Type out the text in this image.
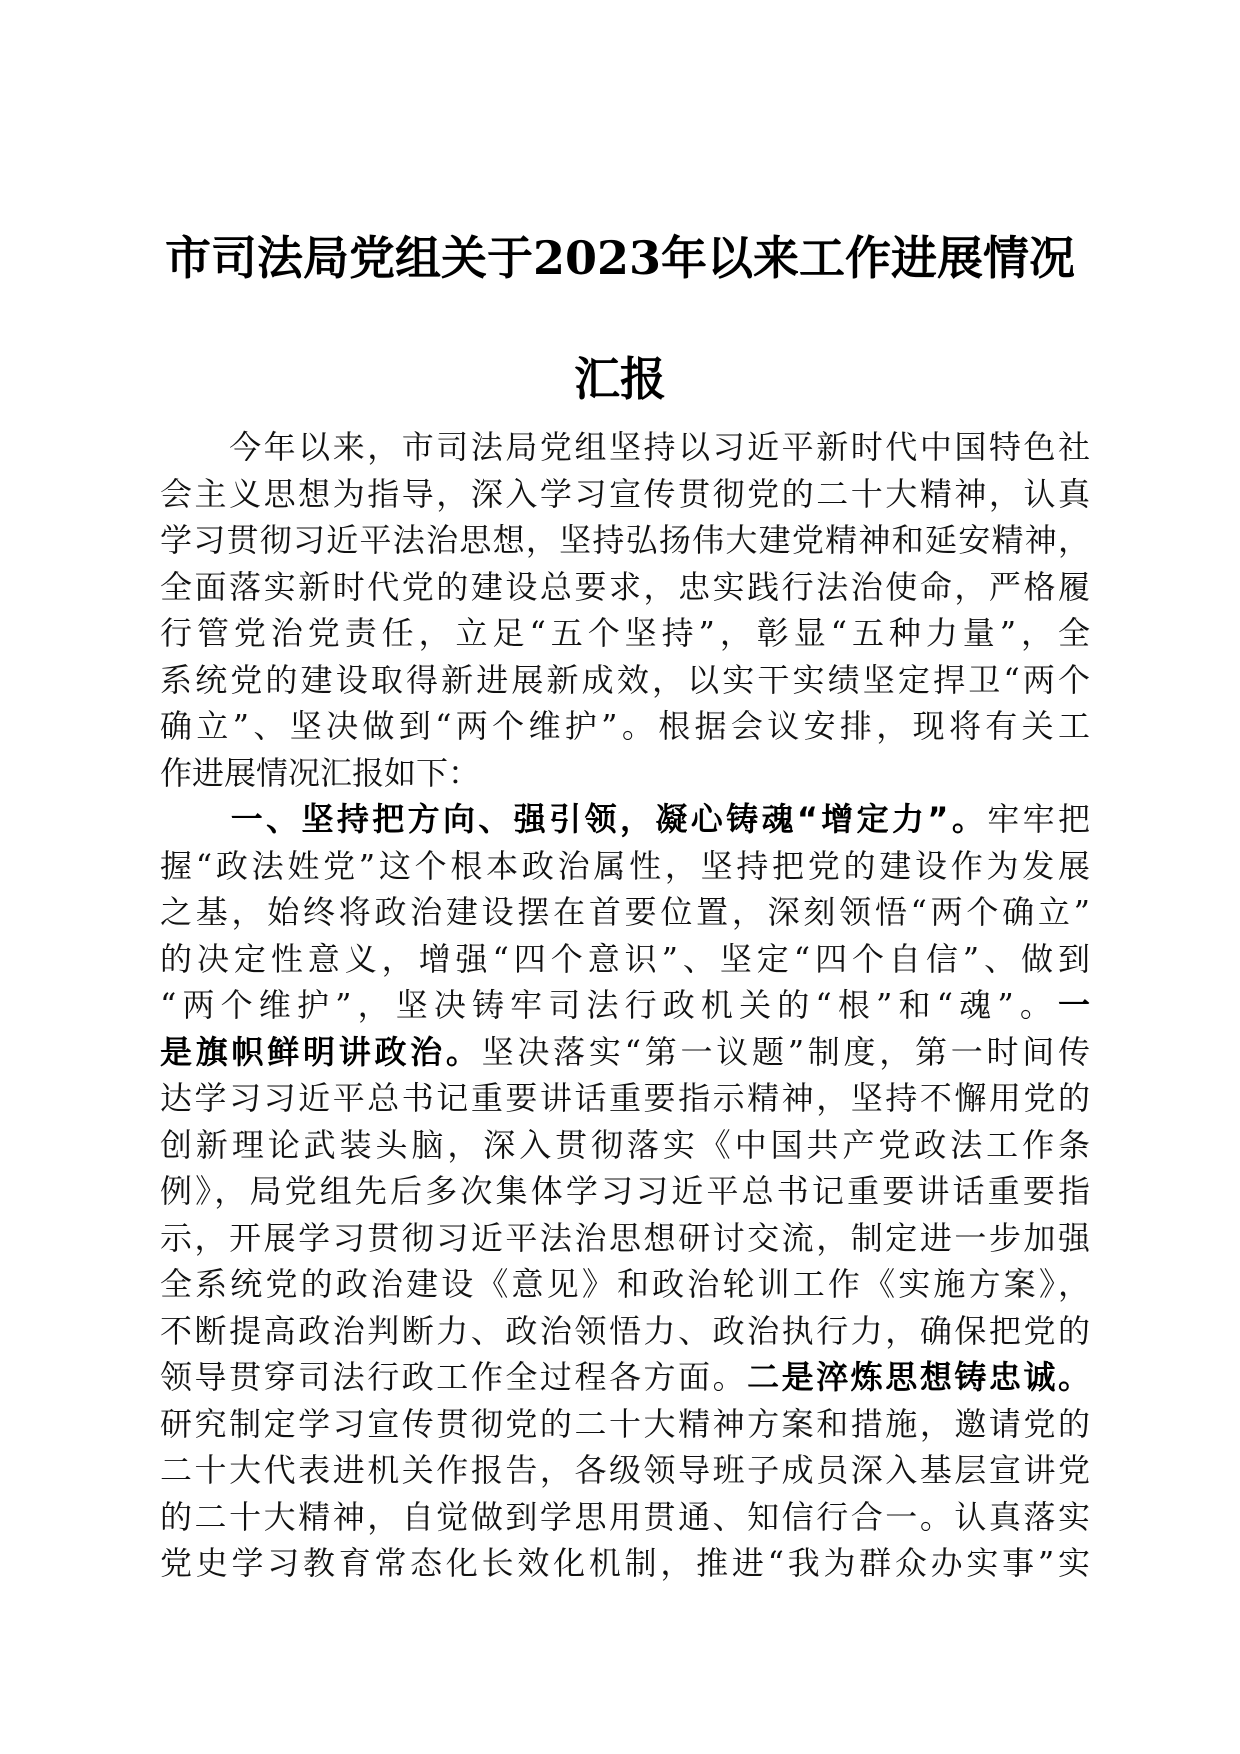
市司法局党组关于2023年以来工作进展情况
汇报
　　今年以来，市司法局党组坚持以习近平新时代中国特色社
会主义思想为指导，深入学习宣传贯彻党的二十大精神，认真
学习贯彻习近平法治思想，坚持弘扬伟大建党精神和延安精神，
全面落实新时代党的建设总要求，忠实践行法治使命，严格履
行管党治党责任，立足“五个坚持”，彰显“五种力量”，全
系统党的建设取得新进展新成效，以实干实绩坚定捍卫“两个
确立”、坚决做到“两个维护”。根据会议安排，现将有关工
作进展情况汇报如下：
　　一、坚持把方向、强引领，凝心铸魂“增定力”。牢牢把
握“政法姓党”这个根本政治属性，坚持把党的建设作为发展
之基，始终将政治建设摆在首要位置，深刻领悟“两个确立”
的决定性意义，增强“四个意识”、坚定“四个自信”、做到
“两个维护”，坚决铸牢司法行政机关的“根”和“魂”。一
是旗帜鲜明讲政治。坚决落实“第一议题”制度，第一时间传
达学习习近平总书记重要讲话重要指示精神，坚持不懈用党的
创新理论武装头脑，深入贯彻落实《中国共产党政法工作条
例》，局党组先后多次集体学习习近平总书记重要讲话重要指
示，开展学习贯彻习近平法治思想研讨交流，制定进一步加强
全系统党的政治建设《意见》和政治轮训工作《实施方案》，
不断提高政治判断力、政治领悟力、政治执行力，确保把党的
领导贯穿司法行政工作全过程各方面。二是淬炼思想铸忠诚。
研究制定学习宣传贯彻党的二十大精神方案和措施，邀请党的
二十大代表进机关作报告，各级领导班子成员深入基层宣讲党
的二十大精神，自觉做到学思用贯通、知信行合一。认真落实
党史学习教育常态化长效化机制，推进“我为群众办实事”实
